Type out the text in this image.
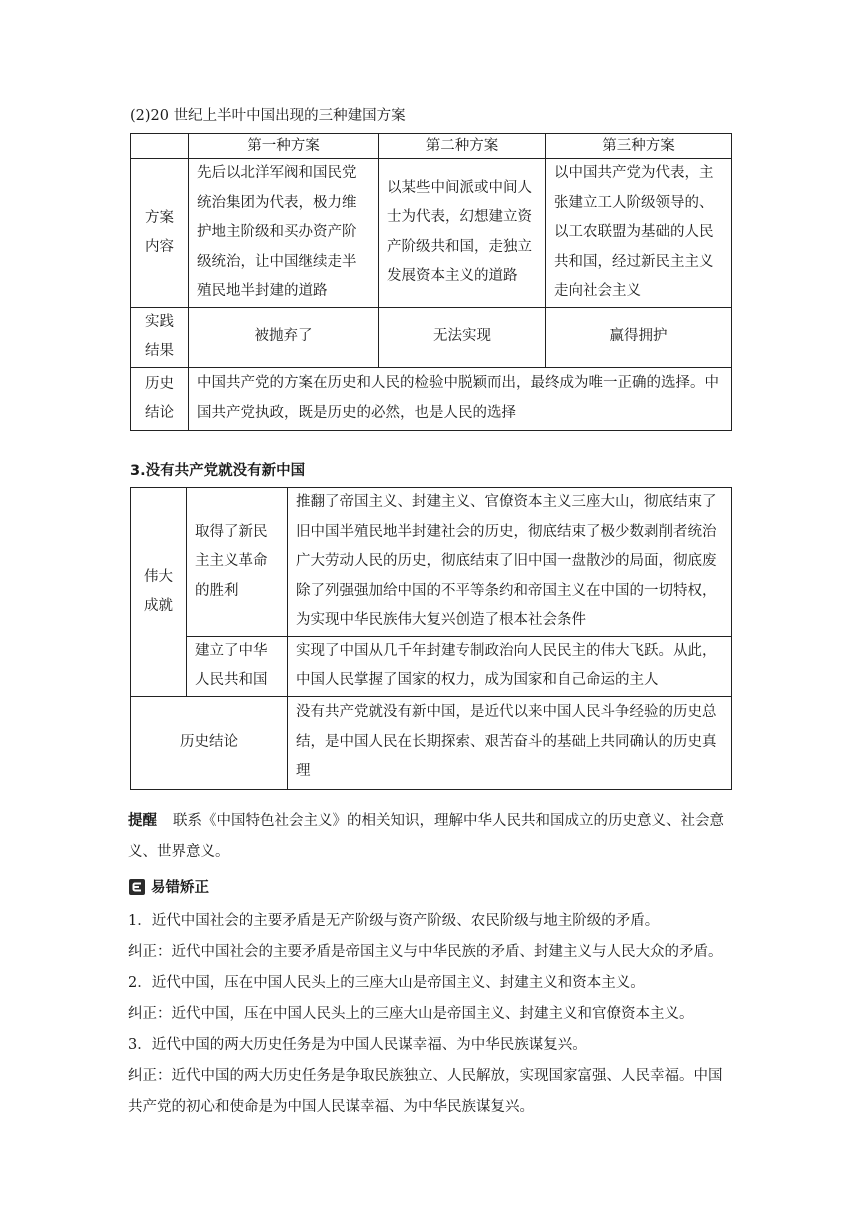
(2)20 世纪上半叶中国出现的三种建国方案
	第一种方案	第二种方案	第三种方案

方案内容	先后以北洋军阀和国民党统治集团为代表，极力维护地主阶级和买办资产阶级统治，让中国继续走半殖民地半封建的道路	以某些中间派或中间人士为代表，幻想建立资产阶级共和国，走独立发展资本主义的道路	以中国共产党为代表，主张建立工人阶级领导的、以工农联盟为基础的人民共和国，经过新民主主义走向社会主义

实践结果	被抛弃了	无法实现	赢得拥护

历史结论	中国共产党的方案在历史和人民的检验中脱颖而出，最终成为唯一正确的选择。中国共产党执政，既是历史的必然，也是人民的选择		
3.没有共产党就没有新中国
伟大成就	取得了新民主主义革命的胜利	推翻了帝国主义、封建主义、官僚资本主义三座大山，彻底结束了旧中国半殖民地半封建社会的历史，彻底结束了极少数剥削者统治广大劳动人民的历史，彻底结束了旧中国一盘散沙的局面，彻底废除了列强强加给中国的不平等条约和帝国主义在中国的一切特权，为实现中华民族伟大复兴创造了根本社会条件
	建立了中华人民共和国	实现了中国从几千年封建专制政治向人民民主的伟大飞跃。从此，中国人民掌握了国家的权力，成为国家和自己命运的主人
历史结论		没有共产党就没有新中国，是近代以来中国人民斗争经验的历史总结，是中国人民在长期探索、艰苦奋斗的基础上共同确认的历史真理
提醒 联系《中国特色社会主义》的相关知识，理解中华人民共和国成立的历史意义、社会意义、世界意义。
易错矫正

1．近代中国社会的主要矛盾是无产阶级与资产阶级、农民阶级与地主阶级的矛盾。

纠正：近代中国社会的主要矛盾是帝国主义与中华民族的矛盾、封建主义与人民大众的矛盾。

2．近代中国，压在中国人民头上的三座大山是帝国主义、封建主义和资本主义。

纠正：近代中国，压在中国人民头上的三座大山是帝国主义、封建主义和官僚资本主义。

3．近代中国的两大历史任务是为中国人民谋幸福、为中华民族谋复兴。

纠正：近代中国的两大历史任务是争取民族独立、人民解放，实现国家富强、人民幸福。中国共产党的初心和使命是为中国人民谋幸福、为中华民族谋复兴。
